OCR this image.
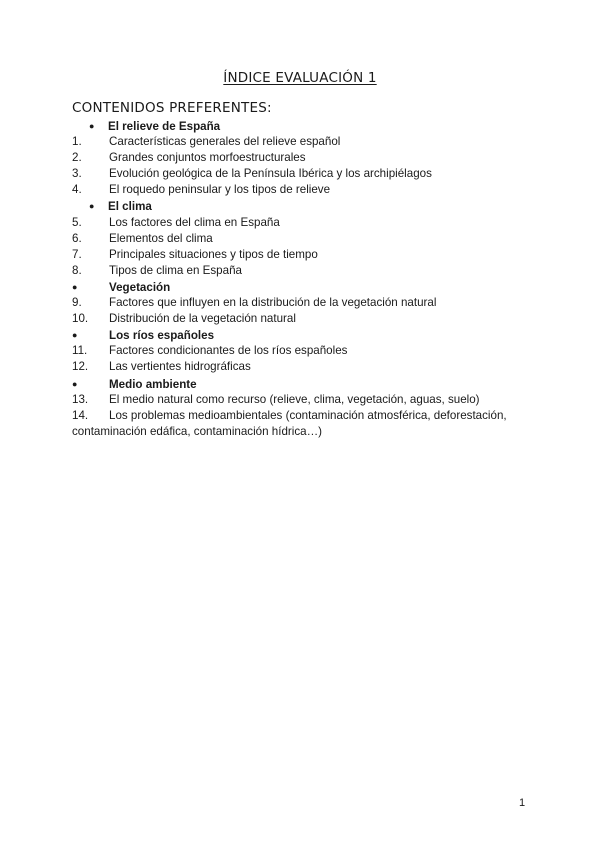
ÍNDICE EVALUACIÓN 1
CONTENIDOS PREFERENTES:
● El relieve de España
1. Características generales del relieve español
2. Grandes conjuntos morfoestructurales
3. Evolución geológica de la Península Ibérica y los archipiélagos
4. El roquedo peninsular y los tipos de relieve
● El clima
5. Los factores del clima en España
6. Elementos del clima
7. Principales situaciones y tipos de tiempo
8. Tipos de clima en España
●	Vegetación
9. Factores que influyen en la distribución de la vegetación natural
10. Distribución de la vegetación natural
●	Los ríos españoles
11. Factores condicionantes de los ríos españoles
12. Las vertientes hidrográficas
●	Medio ambiente
13. El medio natural como recurso (relieve, clima, vegetación, aguas, suelo)
14. Los problemas medioambientales (contaminación atmosférica, deforestación,
contaminación edáfica, contaminación hídrica…)
1
